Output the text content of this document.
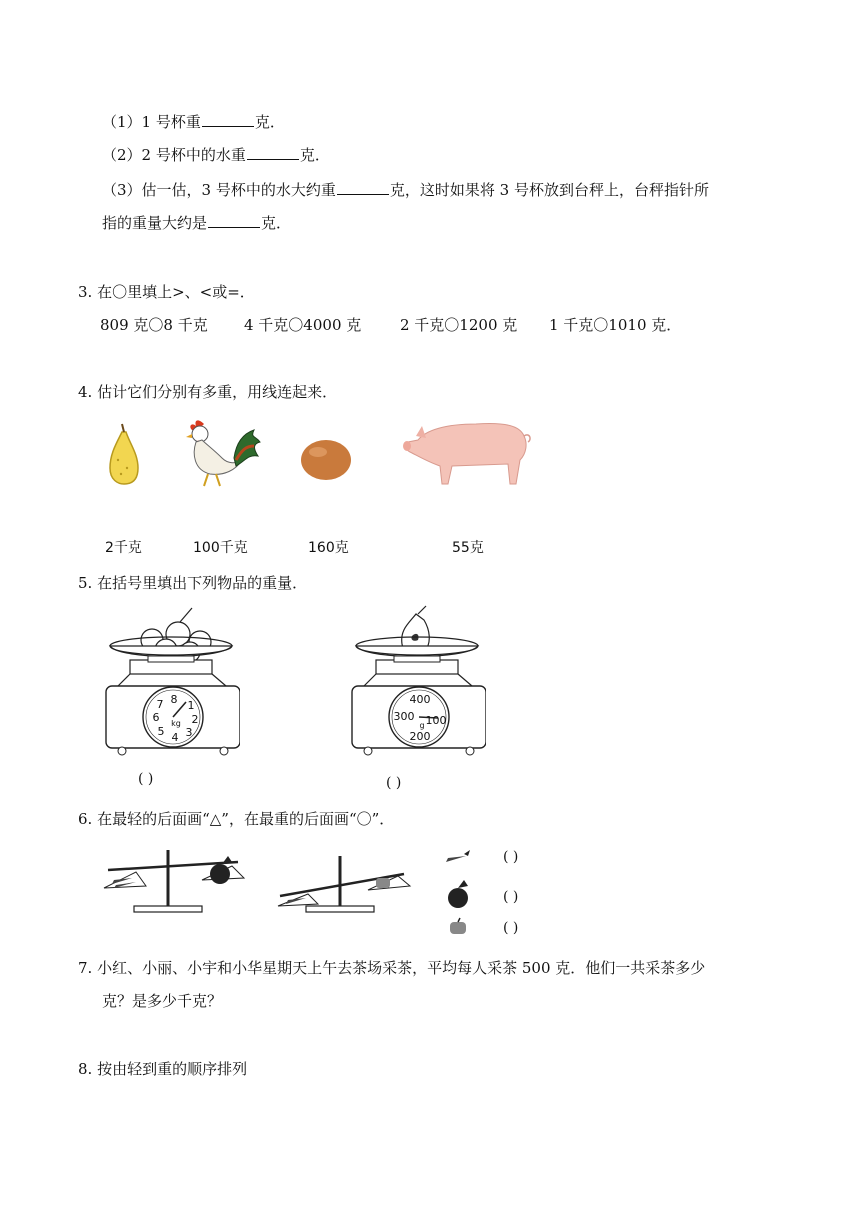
（1）1 号杯重	克．
（2）2 号杯中的水重	克．
（3）估一估，3 号杯中的水大约重	克，这时如果将 3 号杯放到台秤上，台秤指针所
指的重量大约是	克．
3. 在〇里填上>、<或=．
809 克〇8 千克 4 千克〇4000 克	2 千克〇1200 克 1 千克〇1010 克．
4. 估计它们分别有多重，用线连起来．
2千克	100千克	160克	55克
5. 在括号里填出下列物品的重量．
8 1
2
3
4
5
6
7
kg
( )
400
300 100
200
g
( )
6. 在最轻的后面画“△”，在最重的后面画“〇”．
( )
( )
( )
7. 小红、小丽、小宇和小华星期天上午去茶场采茶，平均每人采茶 500 克．他们一共采茶多少
克？是多少千克？
8. 按由轻到重的顺序排列
